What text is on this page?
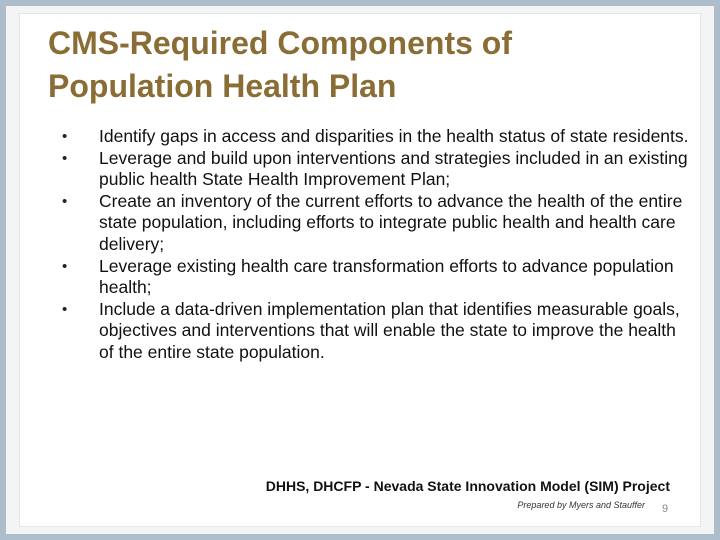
CMS-Required Components of
Population Health Plan
• Identify gaps in access and disparities in the health status of state residents.
• Leverage and build upon interventions and strategies included in an existing public health State Health Improvement Plan;
• Create an inventory of the current efforts to advance the health of the entire state population, including efforts to integrate public health and health care delivery;
• Leverage existing health care transformation efforts to advance population health;
• Include a data-driven implementation plan that identifies measurable goals, objectives and interventions that will enable the state to improve the health of the entire state population.
DHHS, DHCFP - Nevada State Innovation Model (SIM) Project
Prepared by Myers and Stauffer 9
